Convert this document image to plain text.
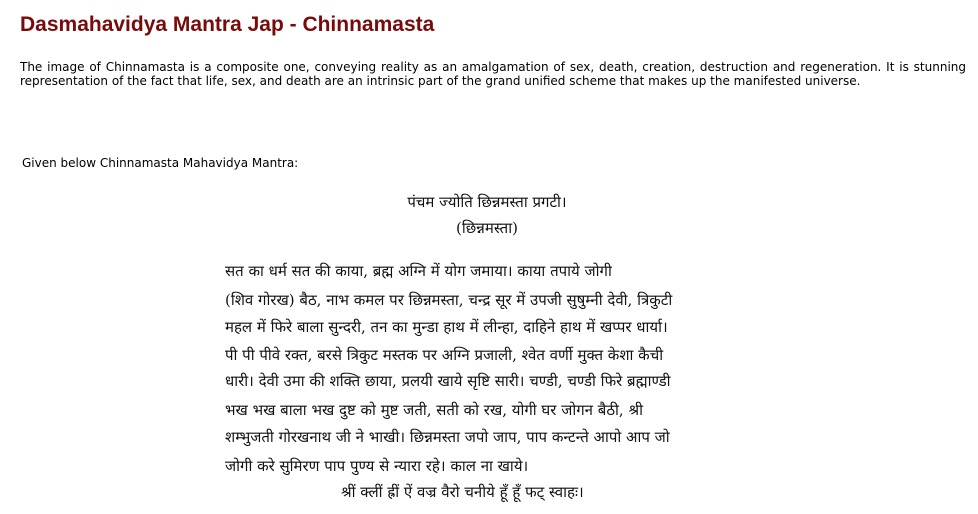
Dasmahavidya Mantra Jap - Chinnamasta

The image of Chinnamasta is a composite one, conveying reality as an amalgamation of sex, death, creation, destruction and regeneration. It is stunning representation of the fact that life, sex, and death are an intrinsic part of the grand unified scheme that makes up the manifested universe.

Given below Chinnamasta Mahavidya Mantra:

पंचम ज्योति छिन्नमस्ता प्रगटी।
(छिन्नमस्ता)
सत का धर्म सत की काया, ब्रह्म अग्नि में योग जमाया। काया तपाये जोगी
(शिव गोरख) बैठ, नाभ कमल पर छिन्नमस्ता, चन्द्र सूर में उपजी सुषुम्नी देवी, त्रिकुटी
महल में फिरे बाला सुन्दरी, तन का मुन्डा हाथ में लीन्हा, दाहिने हाथ में खप्पर धार्या।
पी पी पीवे रक्त, बरसे त्रिकुट मस्तक पर अग्नि प्रजाली, श्वेत वर्णी मुक्त केशा कैची
धारी। देवी उमा की शक्ति छाया, प्रलयी खाये सृष्टि सारी। चण्डी, चण्डी फिरे ब्रह्माण्डी
भख भख बाला भख दुष्ट को मुष्ट जती, सती को रख, योगी घर जोगन बैठी, श्री
शम्भुजती गोरखनाथ जी ने भाखी। छिन्नमस्ता जपो जाप, पाप कन्टन्ते आपो आप जो
जोगी करे सुमिरण पाप पुण्य से न्यारा रहे। काल ना खाये।
श्रीं क्लीं ह्रीं ऐं वज्र वैरो चनीये हूँ हूँ फट् स्वाहः।
